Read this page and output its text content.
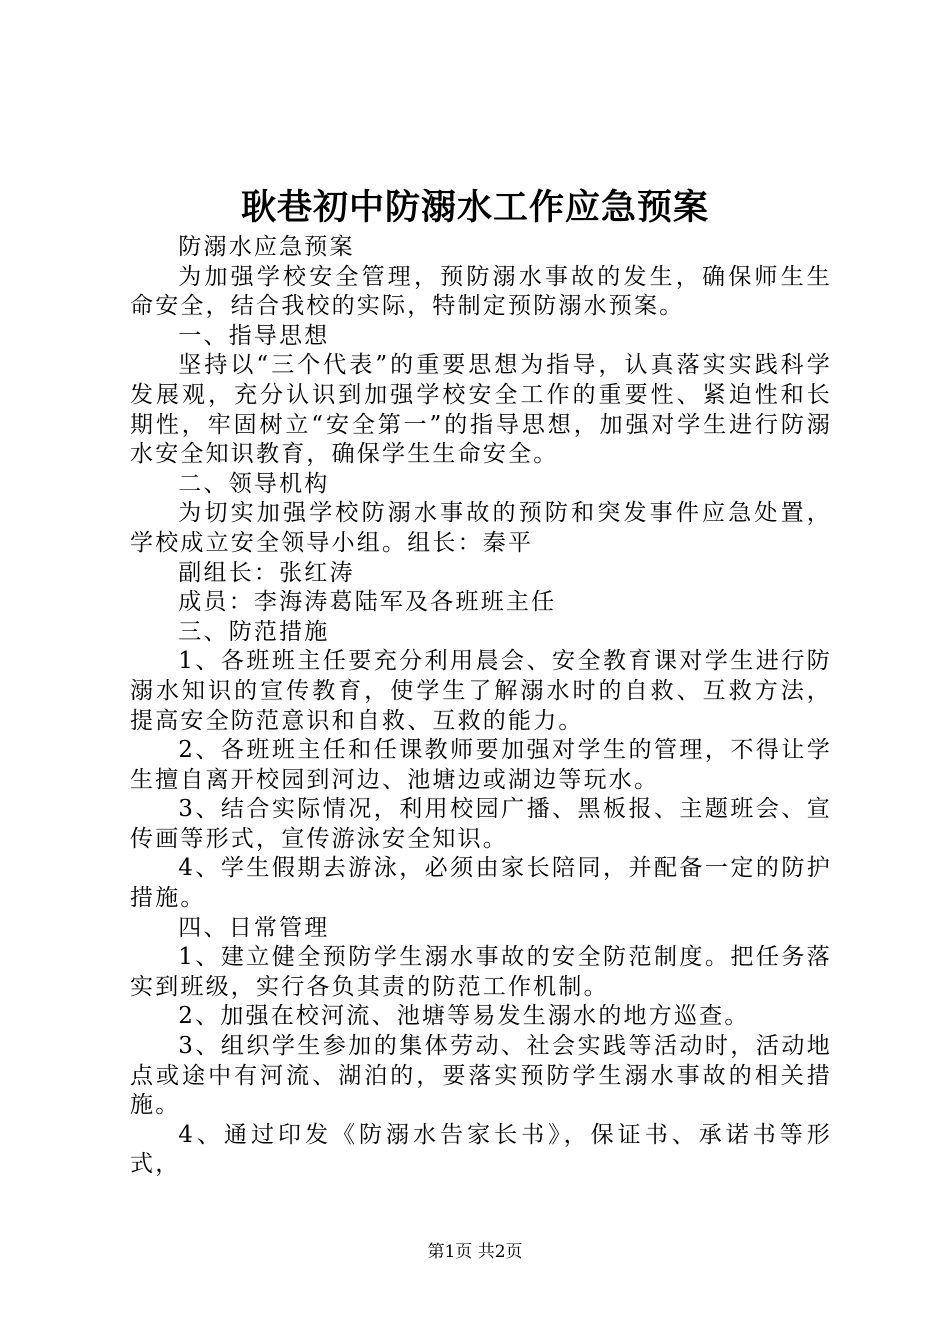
耿巷初中防溺水工作应急预案

防溺水应急预案

为加强学校安全管理，预防溺水事故的发生，确保师生生命安全，结合我校的实际，特制定预防溺水预案。

一、指导思想

坚持以“三个代表”的重要思想为指导，认真落实实践科学发展观，充分认识到加强学校安全工作的重要性、紧迫性和长期性，牢固树立“安全第一”的指导思想，加强对学生进行防溺水安全知识教育，确保学生生命安全。

二、领导机构

为切实加强学校防溺水事故的预防和突发事件应急处置，学校成立安全领导小组。组长：秦平

副组长：张红涛

成员：李海涛葛陆军及各班班主任

三、防范措施

1、各班班主任要充分利用晨会、安全教育课对学生进行防溺水知识的宣传教育，使学生了解溺水时的自救、互救方法，提高安全防范意识和自救、互救的能力。

2、各班班主任和任课教师要加强对学生的管理，不得让学生擅自离开校园到河边、池塘边或湖边等玩水。

3、结合实际情况，利用校园广播、黑板报、主题班会、宣传画等形式，宣传游泳安全知识。

4、学生假期去游泳，必须由家长陪同，并配备一定的防护措施。

四、日常管理

1、建立健全预防学生溺水事故的安全防范制度。把任务落实到班级，实行各负其责的防范工作机制。

2、加强在校河流、池塘等易发生溺水的地方巡查。

3、组织学生参加的集体劳动、社会实践等活动时，活动地点或途中有河流、湖泊的，要落实预防学生溺水事故的相关措施。

4、通过印发《防溺水告家长书》，保证书、承诺书等形式，

第1页 共2页
